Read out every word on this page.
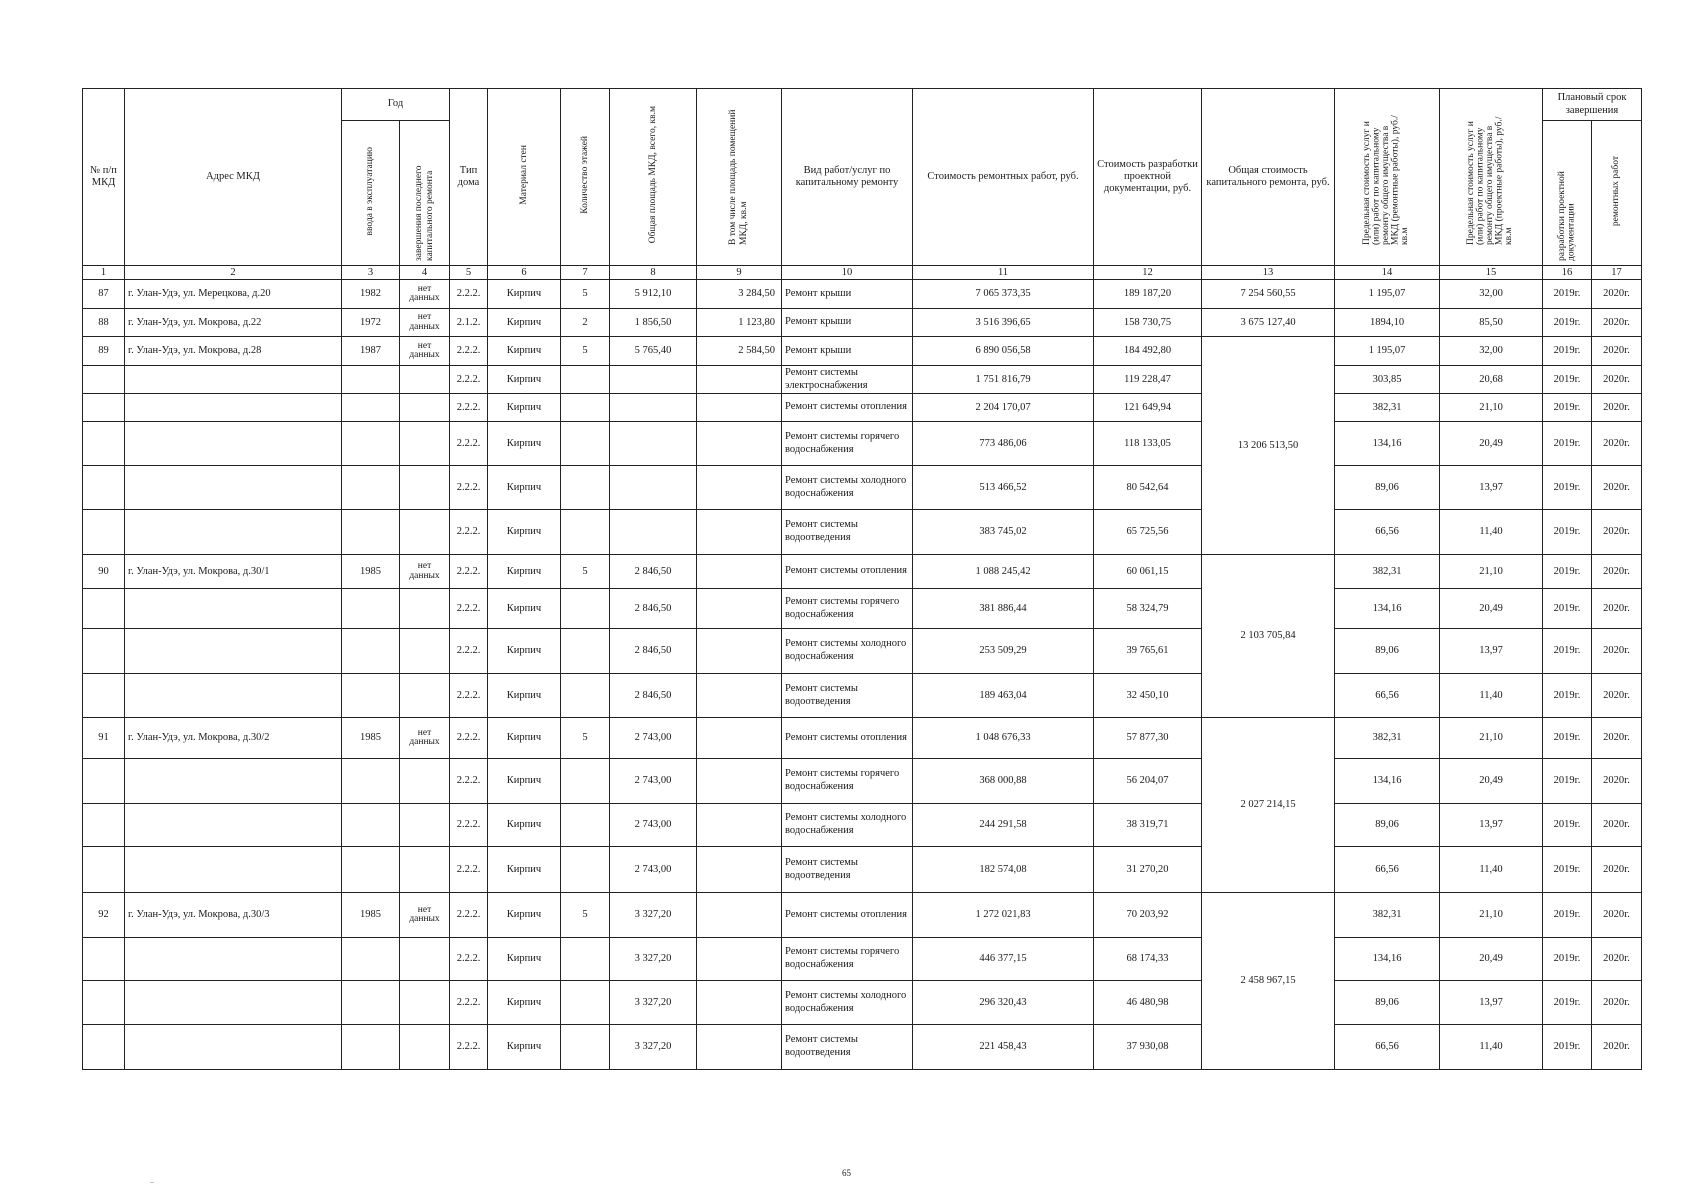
№ п/п МКД	Адрес МКД	Год		Тип дома	Материал стен	Количество этажей	Общая площадь МКД, всего, кв.м	В том числе площадь помещений МКД, кв.м	Вид работ/услуг по капитальному ремонту	Стоимость ремонтных работ, руб.	Стоимость разработки проектной документации, руб.	Общая стоимость капитального ремонта, руб.	Предельная стоимость услуг и (или) работ по капитальному ремонту общего имущества в МКД (ремонтные работы), руб./кв.м	Предельная стоимость услуг и (или) работ по капитальному ремонту общего имущества в МКД (проектные работы), руб./кв.м	Плановый срок завершения	
		ввода в эксплуатацию	завершения последнего капитального ремонта												разработки проектной документации	ремонтных работ
1	2	3	4	5	6	7	8	9	10	11	12	13	14	15	16	17
87	г. Улан-Удэ, ул. Мерецкова, д.20	1982	нет данных	2.2.2.	Кирпич	5	5 912,10	3 284,50	Ремонт крыши	7 065 373,35	189 187,20	7 254 560,55	1 195,07	32,00	2019г.	2020г.
88	г. Улан-Удэ, ул. Мокрова, д.22	1972	нет данных	2.1.2.	Кирпич	2	1 856,50	1 123,80	Ремонт крыши	3 516 396,65	158 730,75	3 675 127,40	1894,10	85,50	2019г.	2020г.
89	г. Улан-Удэ, ул. Мокрова, д.28	1987	нет данных	2.2.2.	Кирпич	5	5 765,40	2 584,50	Ремонт крыши	6 890 056,58	184 492,80	13 206 513,50	1 195,07	32,00	2019г.	2020г.
				2.2.2.	Кирпич				Ремонт системы электроснабжения	1 751 816,79	119 228,47		303,85	20,68	2019г.	2020г.
				2.2.2.	Кирпич				Ремонт системы отопления	2 204 170,07	121 649,94		382,31	21,10	2019г.	2020г.
				2.2.2.	Кирпич				Ремонт системы горячего водоснабжения	773 486,06	118 133,05		134,16	20,49	2019г.	2020г.
				2.2.2.	Кирпич				Ремонт системы холодного водоснабжения	513 466,52	80 542,64		89,06	13,97	2019г.	2020г.
				2.2.2.	Кирпич				Ремонт системы водоотведения	383 745,02	65 725,56		66,56	11,40	2019г.	2020г.
90	г. Улан-Удэ, ул. Мокрова, д.30/1	1985	нет данных	2.2.2.	Кирпич	5	2 846,50		Ремонт системы отопления	1 088 245,42	60 061,15	2 103 705,84	382,31	21,10	2019г.	2020г.
				2.2.2.	Кирпич		2 846,50		Ремонт системы горячего водоснабжения	381 886,44	58 324,79		134,16	20,49	2019г.	2020г.
				2.2.2.	Кирпич		2 846,50		Ремонт системы холодного водоснабжения	253 509,29	39 765,61		89,06	13,97	2019г.	2020г.
				2.2.2.	Кирпич		2 846,50		Ремонт системы водоотведения	189 463,04	32 450,10		66,56	11,40	2019г.	2020г.
91	г. Улан-Удэ, ул. Мокрова, д.30/2	1985	нет данных	2.2.2.	Кирпич	5	2 743,00		Ремонт системы отопления	1 048 676,33	57 877,30	2 027 214,15	382,31	21,10	2019г.	2020г.
				2.2.2.	Кирпич		2 743,00		Ремонт системы горячего водоснабжения	368 000,88	56 204,07		134,16	20,49	2019г.	2020г.
				2.2.2.	Кирпич		2 743,00		Ремонт системы холодного водоснабжения	244 291,58	38 319,71		89,06	13,97	2019г.	2020г.
				2.2.2.	Кирпич		2 743,00		Ремонт системы водоотведения	182 574,08	31 270,20		66,56	11,40	2019г.	2020г.
92	г. Улан-Удэ, ул. Мокрова, д.30/3	1985	нет данных	2.2.2.	Кирпич	5	3 327,20		Ремонт системы отопления	1 272 021,83	70 203,92	2 458 967,15	382,31	21,10	2019г.	2020г.
				2.2.2.	Кирпич		3 327,20		Ремонт системы горячего водоснабжения	446 377,15	68 174,33		134,16	20,49	2019г.	2020г.
				2.2.2.	Кирпич		3 327,20		Ремонт системы холодного водоснабжения	296 320,43	46 480,98		89,06	13,97	2019г.	2020г.
				2.2.2.	Кирпич		3 327,20		Ремонт системы водоотведения	221 458,43	37 930,08		66,56	11,40	2019г.	2020г.
65
